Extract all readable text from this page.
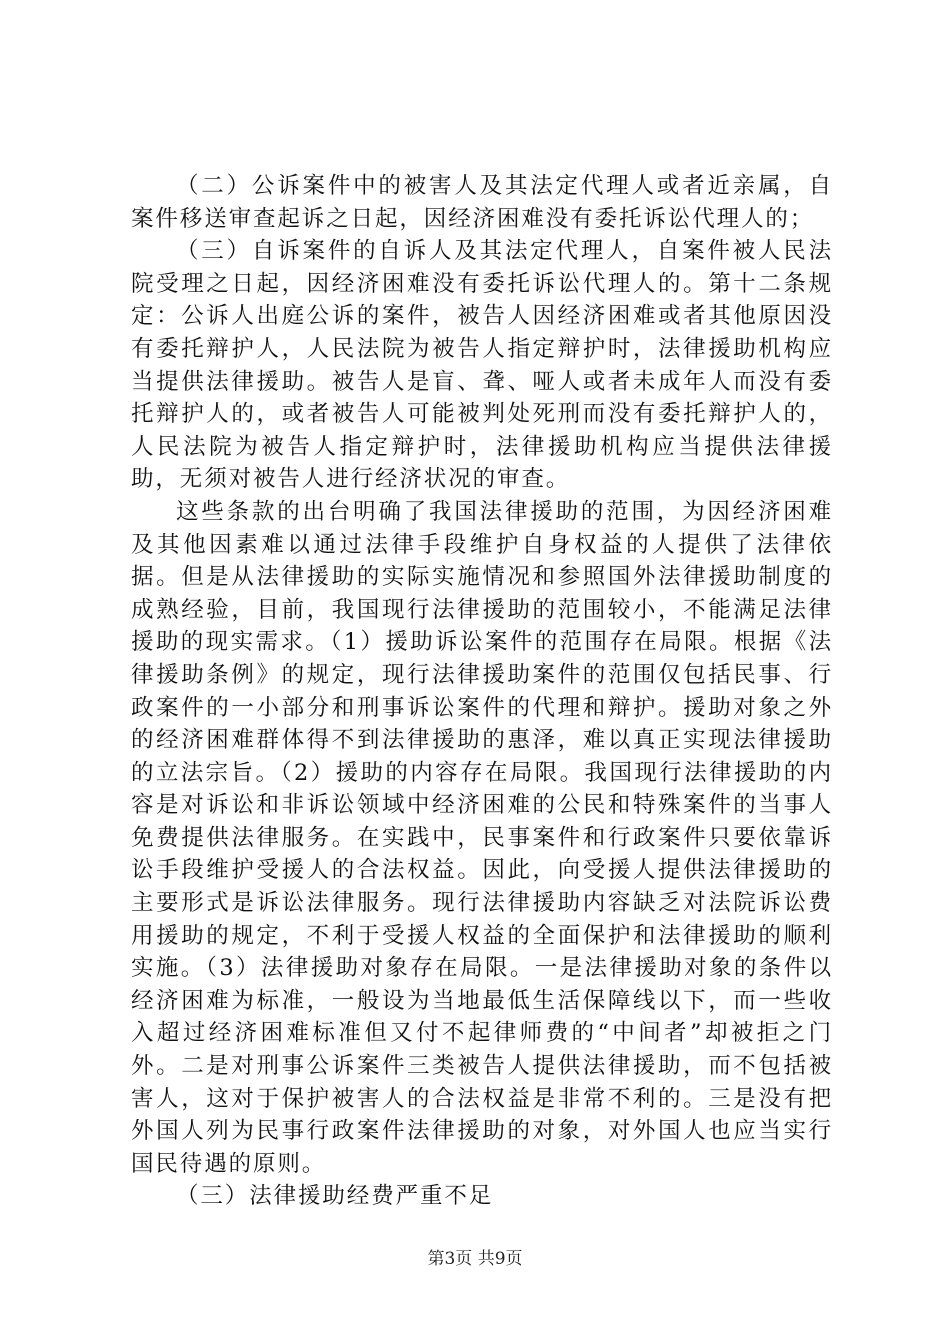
（二）公诉案件中的被害人及其法定代理人或者近亲属，自案件移送审查起诉之日起，因经济困难没有委托诉讼代理人的；

（三）自诉案件的自诉人及其法定代理人，自案件被人民法院受理之日起，因经济困难没有委托诉讼代理人的。第十二条规定：公诉人出庭公诉的案件，被告人因经济困难或者其他原因没有委托辩护人，人民法院为被告人指定辩护时，法律援助机构应当提供法律援助。被告人是盲、聋、哑人或者未成年人而没有委托辩护人的，或者被告人可能被判处死刑而没有委托辩护人的，人民法院为被告人指定辩护时，法律援助机构应当提供法律援助，无须对被告人进行经济状况的审查。

这些条款的出台明确了我国法律援助的范围，为因经济困难及其他因素难以通过法律手段维护自身权益的人提供了法律依据。但是从法律援助的实际实施情况和参照国外法律援助制度的成熟经验，目前，我国现行法律援助的范围较小，不能满足法律援助的现实需求。（1）援助诉讼案件的范围存在局限。根据《法律援助条例》的规定，现行法律援助案件的范围仅包括民事、行政案件的一小部分和刑事诉讼案件的代理和辩护。援助对象之外的经济困难群体得不到法律援助的惠泽，难以真正实现法律援助的立法宗旨。（2）援助的内容存在局限。我国现行法律援助的内容是对诉讼和非诉讼领域中经济困难的公民和特殊案件的当事人免费提供法律服务。在实践中，民事案件和行政案件只要依靠诉讼手段维护受援人的合法权益。因此，向受援人提供法律援助的主要形式是诉讼法律服务。现行法律援助内容缺乏对法院诉讼费用援助的规定，不利于受援人权益的全面保护和法律援助的顺利实施。（3）法律援助对象存在局限。一是法律援助对象的条件以经济困难为标准，一般设为当地最低生活保障线以下，而一些收入超过经济困难标准但又付不起律师费的“中间者”却被拒之门外。二是对刑事公诉案件三类被告人提供法律援助，而不包括被害人，这对于保护被害人的合法权益是非常不利的。三是没有把外国人列为民事行政案件法律援助的对象，对外国人也应当实行国民待遇的原则。

（三）法律援助经费严重不足

第3页 共9页
